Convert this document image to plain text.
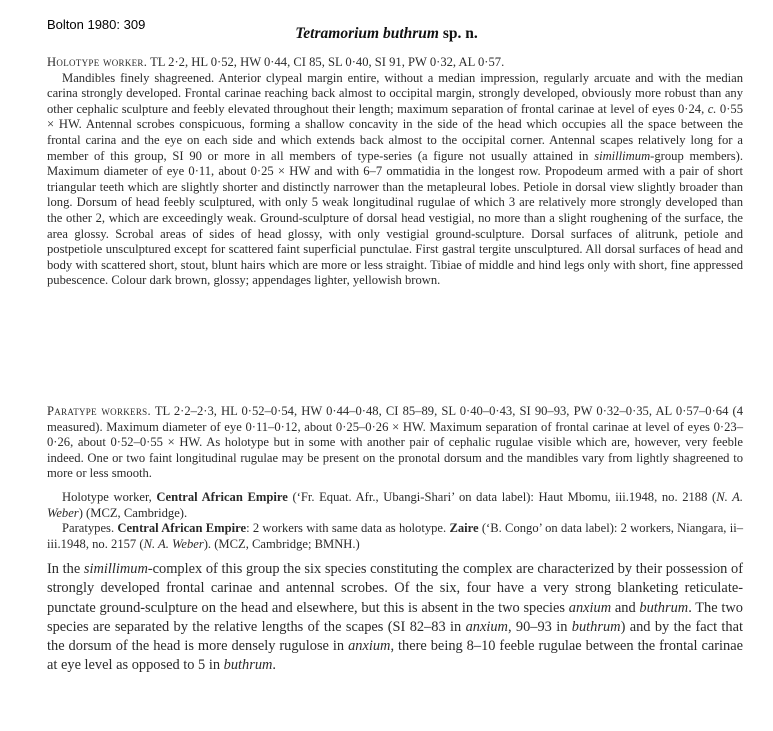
Bolton 1980: 309
Tetramorium buthrum sp. n.

Holotype worker. TL 2·2, HL 0·52, HW 0·44, CI 85, SL 0·40, SI 91, PW 0·32, AL 0·57.

Mandibles finely shagreened. Anterior clypeal margin entire, without a median impression, regularly arcuate and with the median carina strongly developed. Frontal carinae reaching back almost to occipital margin, strongly developed, obviously more robust than any other cephalic sculpture and feebly elevated throughout their length; maximum separation of frontal carinae at level of eyes 0·24, c. 0·55 × HW. Antennal scrobes conspicuous, forming a shallow concavity in the side of the head which occupies all the space between the frontal carina and the eye on each side and which extends back almost to the occipital corner. Antennal scapes relatively long for a member of this group, SI 90 or more in all members of type-series (a figure not usually attained in simillimum-group members). Maximum diameter of eye 0·11, about 0·25 × HW and with 6–7 ommatidia in the longest row. Propodeum armed with a pair of short triangular teeth which are slightly shorter and distinctly narrower than the metapleural lobes. Petiole in dorsal view slightly broader than long. Dorsum of head feebly sculptured, with only 5 weak longitudinal rugulae of which 3 are relatively more strongly developed than the other 2, which are exceedingly weak. Ground-sculpture of dorsal head vestigial, no more than a slight roughening of the surface, the area glossy. Scrobal areas of sides of head glossy, with only vestigial ground-sculpture. Dorsal surfaces of alitrunk, petiole and postpetiole unsculptured except for scattered faint superficial punctulae. First gastral tergite unsculptured. All dorsal surfaces of head and body with scattered short, stout, blunt hairs which are more or less straight. Tibiae of middle and hind legs only with short, fine appressed pubescence. Colour dark brown, glossy; appendages lighter, yellowish brown.

Paratype workers. TL 2·2–2·3, HL 0·52–0·54, HW 0·44–0·48, CI 85–89, SL 0·40–0·43, SI 90–93, PW 0·32–0·35, AL 0·57–0·64 (4 measured). Maximum diameter of eye 0·11–0·12, about 0·25–0·26 × HW. Maximum separation of frontal carinae at level of eyes 0·23–0·26, about 0·52–0·55 × HW. As holotype but in some with another pair of cephalic rugulae visible which are, however, very feeble indeed. One or two faint longitudinal rugulae may be present on the pronotal dorsum and the mandibles vary from lightly shagreened to more or less smooth.

Holotype worker, Central African Empire (‘Fr. Equat. Afr., Ubangi-Shari’ on data label): Haut Mbomu, iii.1948, no. 2188 (N. A. Weber) (MCZ, Cambridge).

Paratypes. Central African Empire: 2 workers with same data as holotype. Zaire (‘B. Congo’ on data label): 2 workers, Niangara, ii–iii.1948, no. 2157 (N. A. Weber). (MCZ, Cambridge; BMNH.)

In the simillimum-complex of this group the six species constituting the complex are characterized by their possession of strongly developed frontal carinae and antennal scrobes. Of the six, four have a very strong blanketing reticulate-punctate ground-sculpture on the head and elsewhere, but this is absent in the two species anxium and buthrum. The two species are separated by the relative lengths of the scapes (SI 82–83 in anxium, 90–93 in buthrum) and by the fact that the dorsum of the head is more densely rugulose in anxium, there being 8–10 feeble rugulae between the frontal carinae at eye level as opposed to 5 in buthrum.
